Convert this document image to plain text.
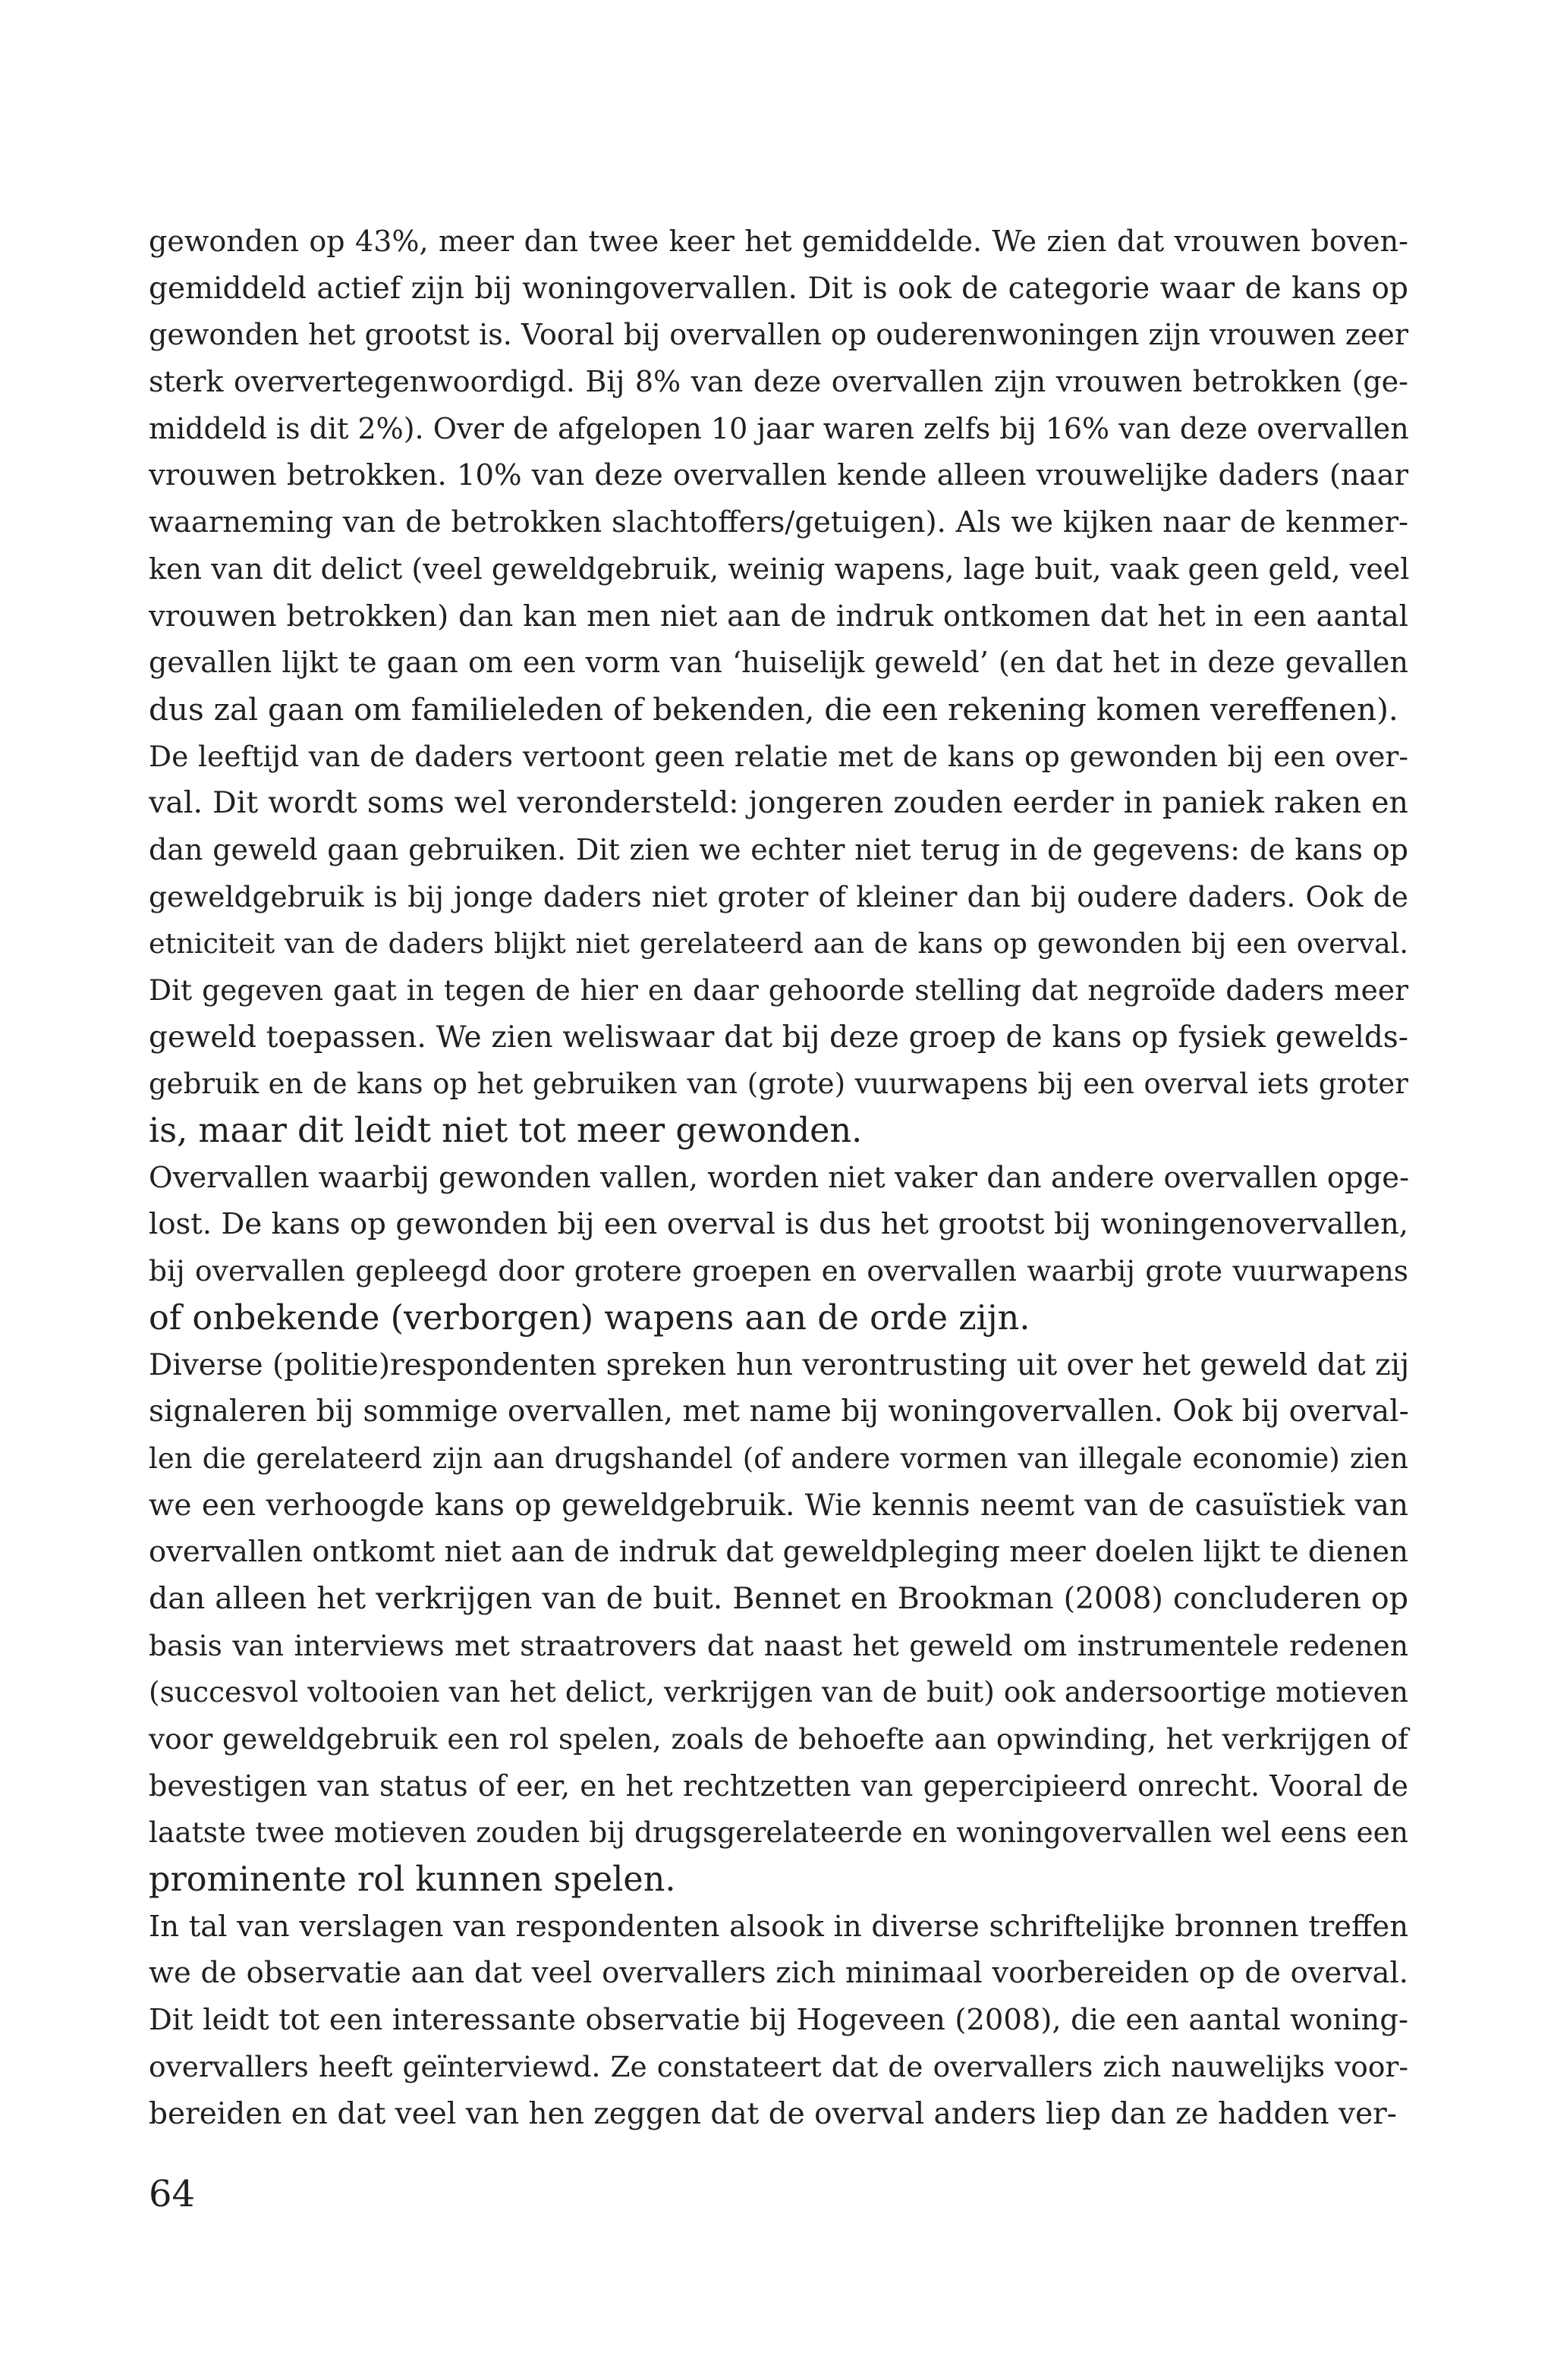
gewonden op 43%, meer dan twee keer het gemiddelde. We zien dat vrouwen boven-
gemiddeld actief zijn bij woningovervallen. Dit is ook de categorie waar de kans op
gewonden het grootst is. Vooral bij overvallen op ouderenwoningen zijn vrouwen zeer
sterk oververtegenwoordigd. Bij 8% van deze overvallen zijn vrouwen betrokken (ge-
middeld is dit 2%). Over de afgelopen 10 jaar waren zelfs bij 16% van deze overvallen
vrouwen betrokken. 10% van deze overvallen kende alleen vrouwelijke daders (naar
waarneming van de betrokken slachtoffers/getuigen). Als we kijken naar de kenmer-
ken van dit delict (veel geweldgebruik, weinig wapens, lage buit, vaak geen geld, veel
vrouwen betrokken) dan kan men niet aan de indruk ontkomen dat het in een aantal
gevallen lijkt te gaan om een vorm van ‘huiselijk geweld’ (en dat het in deze gevallen
dus zal gaan om familieleden of bekenden, die een rekening komen vereffenen).
De leeftijd van de daders vertoont geen relatie met de kans op gewonden bij een over-
val. Dit wordt soms wel verondersteld: jongeren zouden eerder in paniek raken en
dan geweld gaan gebruiken. Dit zien we echter niet terug in de gegevens: de kans op
geweldgebruik is bij jonge daders niet groter of kleiner dan bij oudere daders. Ook de
etniciteit van de daders blijkt niet gerelateerd aan de kans op gewonden bij een overval.
Dit gegeven gaat in tegen de hier en daar gehoorde stelling dat negroïde daders meer
geweld toepassen. We zien weliswaar dat bij deze groep de kans op fysiek gewelds-
gebruik en de kans op het gebruiken van (grote) vuurwapens bij een overval iets groter
is, maar dit leidt niet tot meer gewonden.
Overvallen waarbij gewonden vallen, worden niet vaker dan andere overvallen opge-
lost. De kans op gewonden bij een overval is dus het grootst bij woningenovervallen,
bij overvallen gepleegd door grotere groepen en overvallen waarbij grote vuurwapens
of onbekende (verborgen) wapens aan de orde zijn.
Diverse (politie)respondenten spreken hun verontrusting uit over het geweld dat zij
signaleren bij sommige overvallen, met name bij woningovervallen. Ook bij overval-
len die gerelateerd zijn aan drugshandel (of andere vormen van illegale economie) zien
we een verhoogde kans op geweldgebruik. Wie kennis neemt van de casuïstiek van
overvallen ontkomt niet aan de indruk dat geweldpleging meer doelen lijkt te dienen
dan alleen het verkrijgen van de buit. Bennet en Brookman (2008) concluderen op
basis van interviews met straatrovers dat naast het geweld om instrumentele redenen
(succesvol voltooien van het delict, verkrijgen van de buit) ook andersoortige motieven
voor geweldgebruik een rol spelen, zoals de behoefte aan opwinding, het verkrijgen of
bevestigen van status of eer, en het rechtzetten van gepercipieerd onrecht. Vooral de
laatste twee motieven zouden bij drugsgerelateerde en woningovervallen wel eens een
prominente rol kunnen spelen.
In tal van verslagen van respondenten alsook in diverse schriftelijke bronnen treffen
we de observatie aan dat veel overvallers zich minimaal voorbereiden op de overval.
Dit leidt tot een interessante observatie bij Hogeveen (2008), die een aantal woning-
overvallers heeft geïnterviewd. Ze constateert dat de overvallers zich nauwelijks voor-
bereiden en dat veel van hen zeggen dat de overval anders liep dan ze hadden ver-
64
